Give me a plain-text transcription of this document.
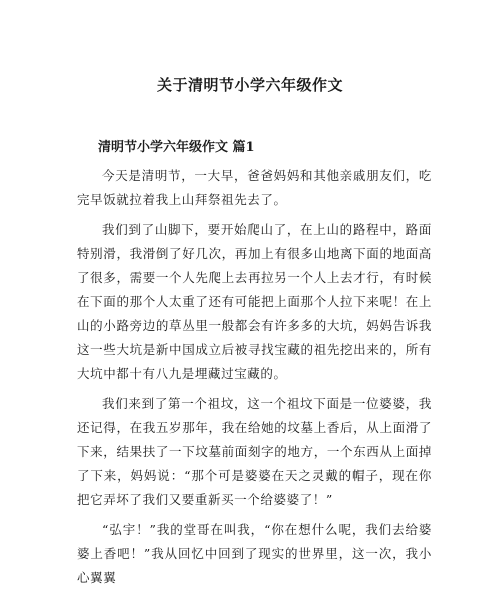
关于清明节小学六年级作文
清明节小学六年级作文 篇1

今天是清明节，一大早，爸爸妈妈和其他亲戚朋友们，吃完早饭就拉着我上山拜祭祖先去了。

我们到了山脚下，要开始爬山了，在上山的路程中，路面特别滑，我滑倒了好几次，再加上有很多山地离下面的地面高了很多，需要一个人先爬上去再拉另一个人上去才行，有时候在下面的那个人太重了还有可能把上面那个人拉下来呢！在上山的小路旁边的草丛里一般都会有许多多的大坑，妈妈告诉我这一些大坑是新中国成立后被寻找宝藏的祖先挖出来的，所有大坑中都十有八九是埋藏过宝藏的。

我们来到了第一个祖坟，这一个祖坟下面是一位婆婆，我还记得，在我五岁那年，我在给她的坟墓上香后，从上面滑了下来，结果扶了一下坟墓前面刻字的地方，一个东西从上面掉了下来，妈妈说：“那个可是婆婆在天之灵戴的帽子，现在你把它弄坏了我们又要重新买一个给婆婆了！”

“弘宇！”我的堂哥在叫我，“你在想什么呢，我们去给婆婆上香吧！”我从回忆中回到了现实的世界里，这一次，我小心翼翼
